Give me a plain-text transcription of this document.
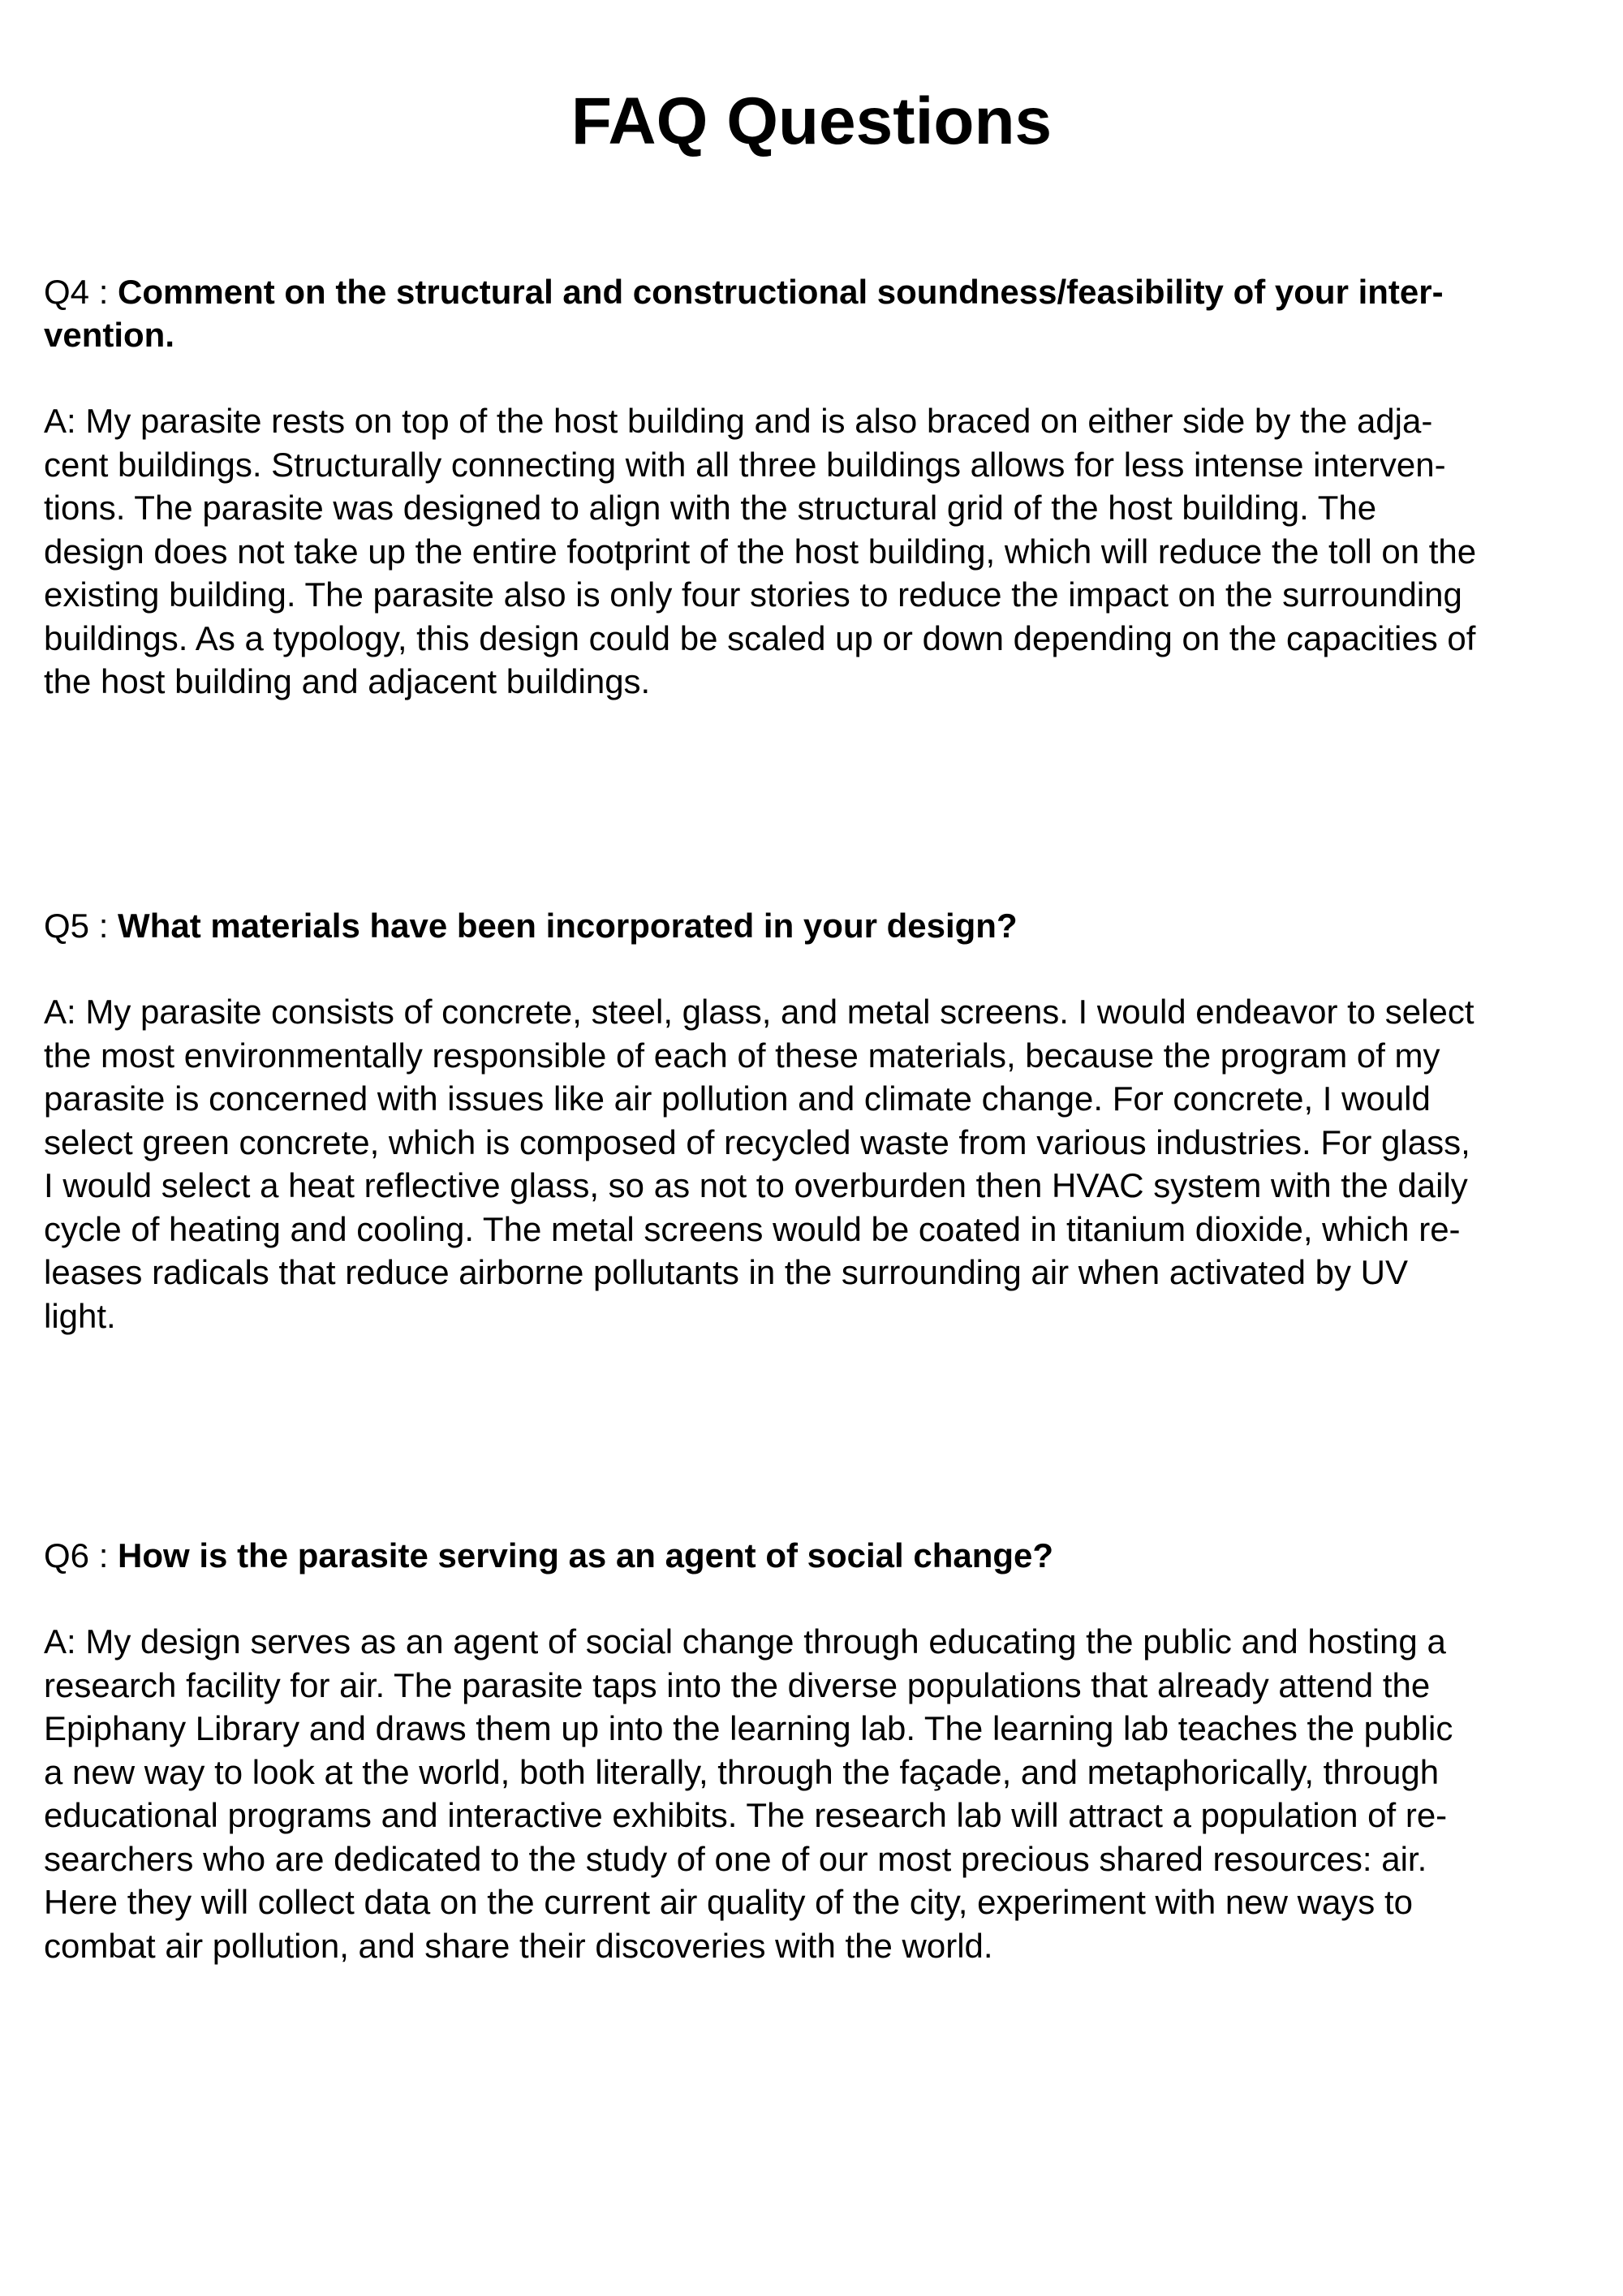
FAQ Questions

Q4 : Comment on the structural and constructional soundness/feasibility of your inter-
vention.

A: My parasite rests on top of the host building and is also braced on either side by the adja-
cent buildings. Structurally connecting with all three buildings allows for less intense interven-
tions. The parasite was designed to align with the structural grid of the host building. The
design does not take up the entire footprint of the host building, which will reduce the toll on the
existing building. The parasite also is only four stories to reduce the impact on the surrounding
buildings. As a typology, this design could be scaled up or down depending on the capacities of
the host building and adjacent buildings.

Q5 : What materials have been incorporated in your design?

A: My parasite consists of concrete, steel, glass, and metal screens. I would endeavor to select
the most environmentally responsible of each of these materials, because the program of my
parasite is concerned with issues like air pollution and climate change. For concrete, I would
select green concrete, which is composed of recycled waste from various industries. For glass,
I would select a heat reflective glass, so as not to overburden then HVAC system with the daily
cycle of heating and cooling. The metal screens would be coated in titanium dioxide, which re-
leases radicals that reduce airborne pollutants in the surrounding air when activated by UV
light.

Q6 : How is the parasite serving as an agent of social change?

A: My design serves as an agent of social change through educating the public and hosting a
research facility for air. The parasite taps into the diverse populations that already attend the
Epiphany Library and draws them up into the learning lab. The learning lab teaches the public
a new way to look at the world, both literally, through the façade, and metaphorically, through
educational programs and interactive exhibits. The research lab will attract a population of re-
searchers who are dedicated to the study of one of our most precious shared resources: air.
Here they will collect data on the current air quality of the city, experiment with new ways to
combat air pollution, and share their discoveries with the world.
